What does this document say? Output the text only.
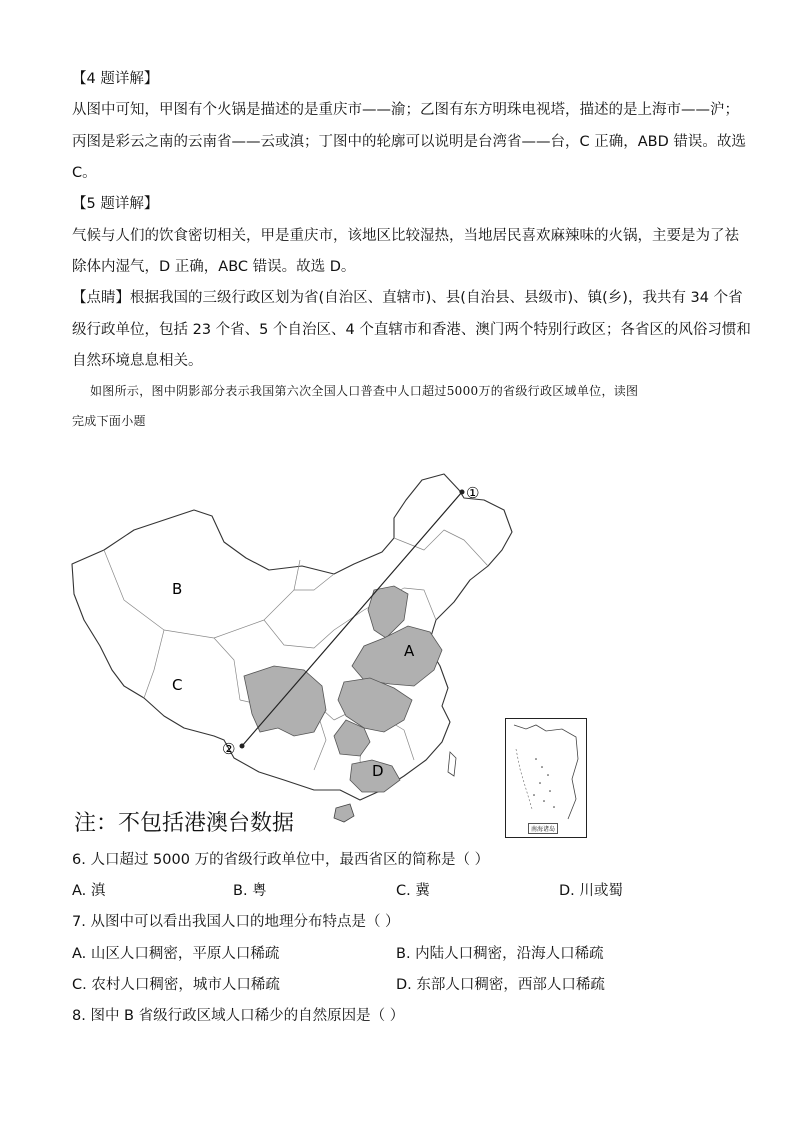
【4 题详解】
从图中可知，甲图有个火锅是描述的是重庆市——渝；乙图有东方明珠电视塔，描述的是上海市——沪；
丙图是彩云之南的云南省——云或滇；丁图中的轮廓可以说明是台湾省——台，C 正确，ABD 错误。故选
C。
【5 题详解】
气候与人们的饮食密切相关，甲是重庆市，该地区比较湿热，当地居民喜欢麻辣味的火锅，主要是为了祛
除体内湿气，D 正确，ABC 错误。故选 D。
【点睛】根据我国的三级行政区划为省(自治区、直辖市)、县(自治县、县级市)、镇(乡)，我共有 34 个省
级行政单位，包括 23 个省、5 个自治区、4 个直辖市和香港、澳门两个特别行政区；各省区的风俗习惯和
自然环境息息相关。
如图所示，图中阴影部分表示我国第六次全国人口普查中人口超过5000万的省级行政区域单位，读图
完成下面小题
B
C
A
D
①
②
南海诸岛
注：不包括港澳台数据
6. 人口超过 5000 万的省级行政单位中，最西省区的简称是（ ）
A. 滇	B. 粤	C. 冀	D. 川或蜀
7. 从图中可以看出我国人口的地理分布特点是（ ）
A. 山区人口稠密，平原人口稀疏	B. 内陆人口稠密，沿海人口稀疏
C. 农村人口稠密，城市人口稀疏	D. 东部人口稠密，西部人口稀疏
8. 图中 B 省级行政区域人口稀少的自然原因是（ ）
